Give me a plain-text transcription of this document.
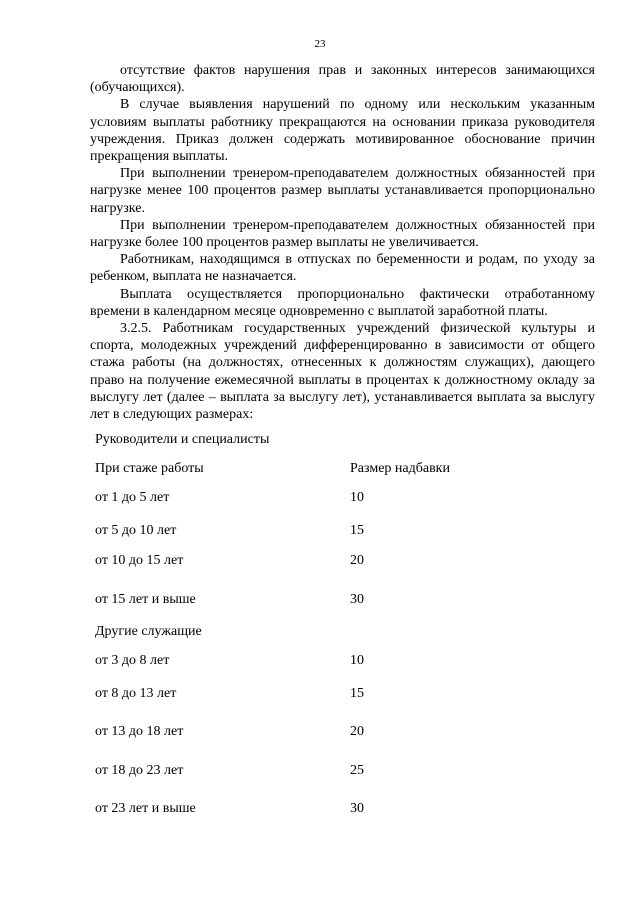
23

отсутствие фактов нарушения прав и законных интересов занимающихся (обучающихся).

В случае выявления нарушений по одному или нескольким указанным условиям выплаты работнику прекращаются на основании приказа руководителя учреждения. Приказ должен содержать мотивированное обоснование причин прекращения выплаты.

При выполнении тренером-преподавателем должностных обязанностей при нагрузке менее 100 процентов размер выплаты устанавливается пропорционально нагрузке.

При выполнении тренером-преподавателем должностных обязанностей при нагрузке более 100 процентов размер выплаты не увеличивается.

Работникам, находящимся в отпусках по беременности и родам, по уходу за ребенком, выплата не назначается.

Выплата осуществляется пропорционально фактически отработанному времени в календарном месяце одновременно с выплатой заработной платы.

3.2.5. Работникам государственных учреждений физической культуры и спорта, молодежных учреждений дифференцированно в зависимости от общего стажа работы (на должностях, отнесенных к должностям служащих), дающего право на получение ежемесячной выплаты в процентах к должностному окладу за выслугу лет (далее – выплата за выслугу лет), устанавливается выплата за выслугу лет в следующих размерах:

Руководители и специалисты
При стаже работы	Размер надбавки
от 1 до 5 лет	10
от 5 до 10 лет	15
от 10 до 15 лет	20
от 15 лет и выше	30
Другие служащие
от 3 до 8 лет	10
от 8 до 13 лет	15
от 13 до 18 лет	20
от 18 до 23 лет	25
от 23 лет и выше	30
